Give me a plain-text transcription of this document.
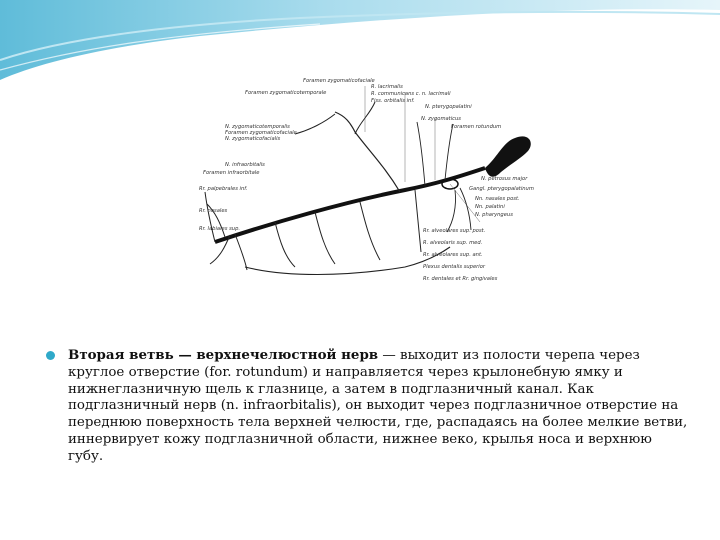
Foramen zygomaticofaciale
R. lacrimalis
Foramen zygomaticotemporale	R. communicans c. n. lacrimali
Fiss. orbitalis inf.
N. pterygopalatini
N. zygomaticus
Foramen rotundum
N. zygomaticotemporalis
Foramen zygomaticofaciale
N. zygomaticofacialis
N. infraorbitalis
Foramen infraorbitale
Rr. palpebrales inf.
Rr. nasales
Rr. labiales sup.
N. petrosus major
Gangl. pterygopalatinum
Nn. nasales post.
Nn. palatini
N. pharyngeus
Rr. alveolares sup. post.
R. alveolaris sup. med.
Rr. alveolares sup. ant.
Plexus dentalis superior
Rr. dentales et Rr. gingivales
Вторая ветвь — верхнечелюстной нерв — выходит из полости черепа через круглое отверстие (for. rotundum) и направляется через крылонебную ямку и нижнеглазничную щель к глазнице, а затем в подглазничный канал. Как подглазничный нерв (n. infraorbitalis), он выходит через подглазничное отверстие на переднюю поверхность тела верхней челюсти, где, распадаясь на более мелкие ветви, иннервирует кожу подглазничной области, нижнее веко, крылья носа и верхнюю губу.
